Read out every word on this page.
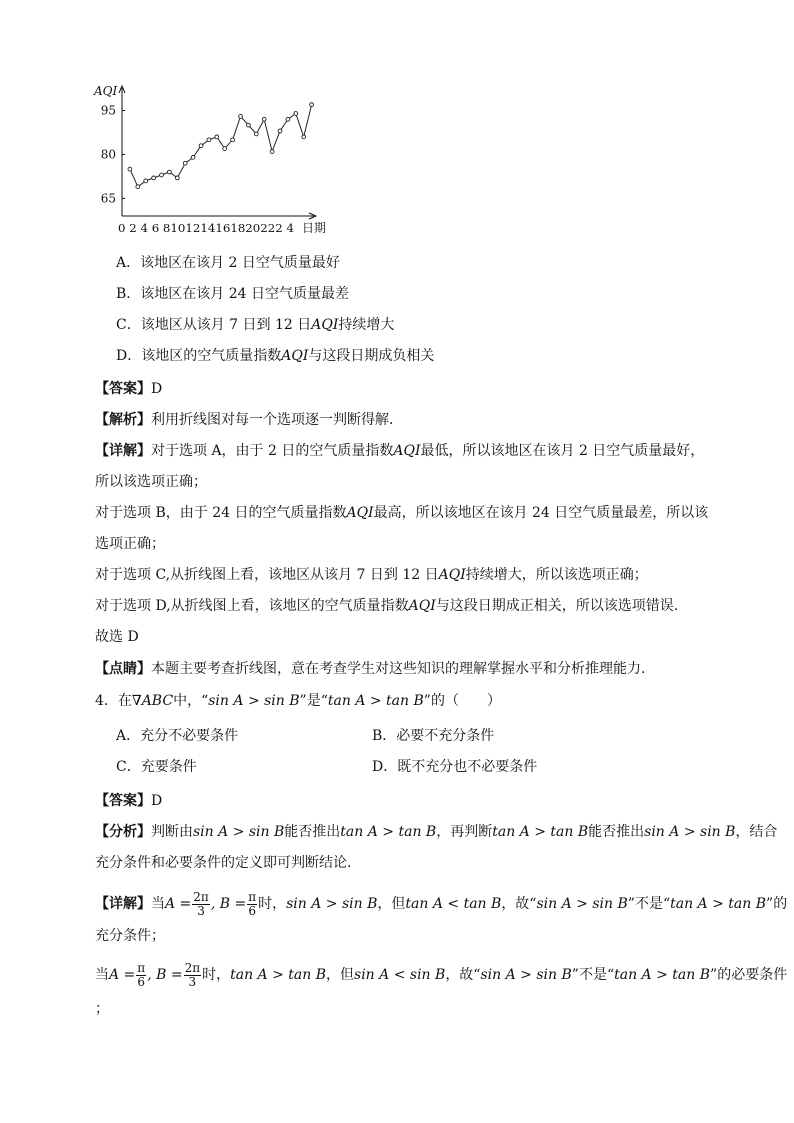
AQI
65
80
95
0 2 4 6 8101214161820222 4 日期
A．该地区在该月 2 日空气质量最好
B．该地区在该月 24 日空气质量最差
C．该地区从该月 7 日到 12 日AQI持续增大
D．该地区的空气质量指数AQI与这段日期成负相关
【答案】D
【解析】利用折线图对每一个选项逐一判断得解.
【详解】对于选项 A，由于 2 日的空气质量指数AQI最低，所以该地区在该月 2 日空气质量最好，
所以该选项正确；
对于选项 B，由于 24 日的空气质量指数AQI最高，所以该地区在该月 24 日空气质量最差，所以该
选项正确；
对于选项 C,从折线图上看，该地区从该月 7 日到 12 日AQI持续增大，所以该选项正确；
对于选项 D,从折线图上看，该地区的空气质量指数AQI与这段日期成正相关，所以该选项错误.
故选 D
【点睛】本题主要考查折线图，意在考查学生对这些知识的理解掌握水平和分析推理能力.
4．在∇ABC中，“sin A > sin B”是“tan A > tan B”的（　　）
A．充分不必要条件	B．必要不充分条件
C．充要条件	D．既不充分也不必要条件
【答案】D
【分析】判断由sin A > sin B能否推出tan A > tan B，再判断tan A > tan B能否推出sin A > sin B，结合
充分条件和必要条件的定义即可判断结论.
【详解】当$A = \frac{2\pi}{3}$ , $B = \frac{\pi}{6}$ 时，sin A > sin B，但tan A < tan B，故“sin A > sin B”不是“tan A > tan B”的
充分条件；
当$A = \frac{\pi}{6}$ , $B = \frac{2\pi}{3}$ 时，tan A > tan B，但sin A < sin B，故“sin A > sin B”不是“tan A > tan B”的必要条件
；
